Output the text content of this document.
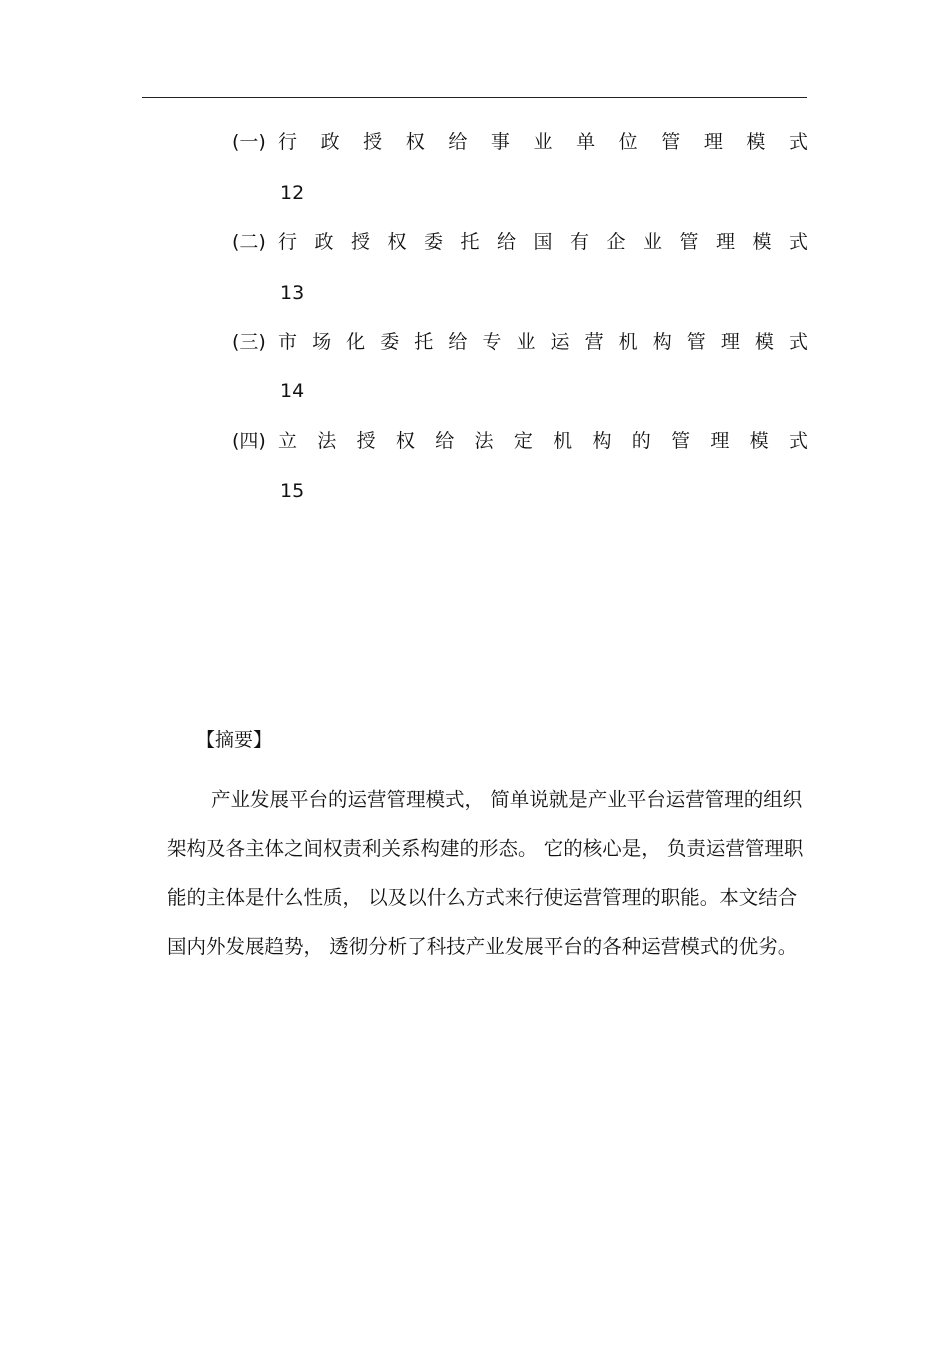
(一) 行政授权给事业单位管理模式
12
(二) 行政授权委托给国有企业管理模式
13
(三) 市场化委托给专业运营机构管理模式
14
(四) 立法授权给法定机构的管理模式
15
【摘要】

产业发展平台的运营管理模式， 简单说就是产业平台运营管理的组织架构及各主体之间权责利关系构建的形态。 它的核心是， 负责运营管理职能的主体是什么性质， 以及以什么方式来行使运营管理的职能。本文结合国内外发展趋势， 透彻分析了科技产业发展平台的各种运营模式的优劣。
